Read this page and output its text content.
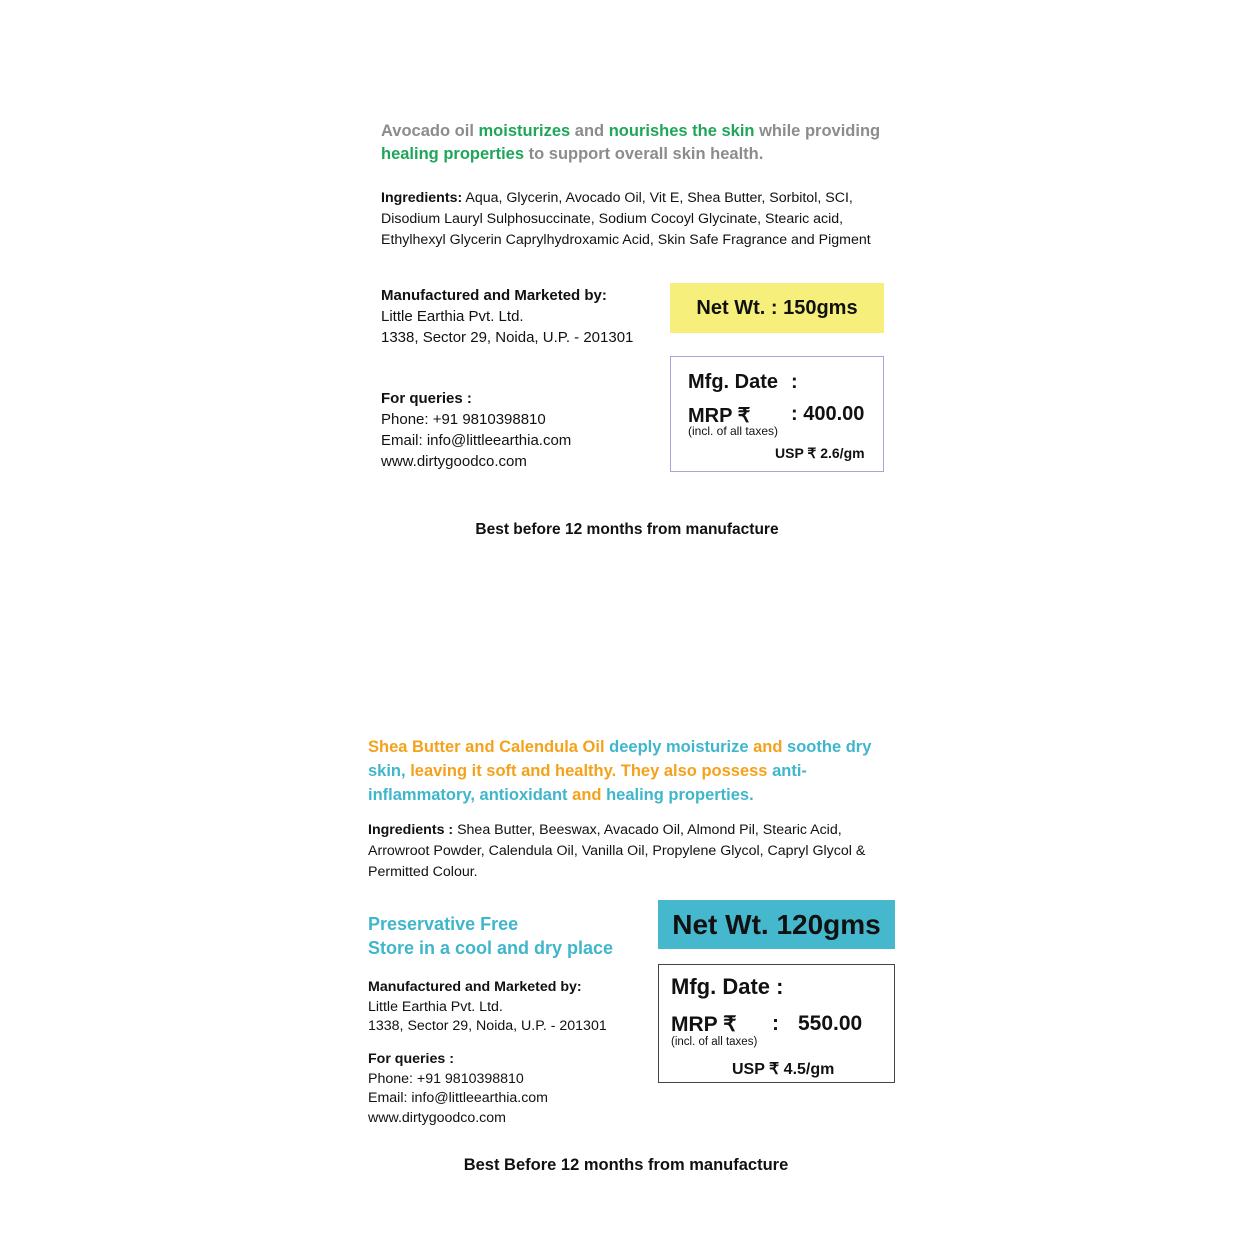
Avocado oil moisturizes and nourishes the skin while providing healing properties to support overall skin health.
Ingredients: Aqua, Glycerin, Avocado Oil, Vit E, Shea Butter, Sorbitol, SCI, Disodium Lauryl Sulphosuccinate, Sodium Cocoyl Glycinate, Stearic acid, Ethylhexyl Glycerin Caprylhydroxamic Acid, Skin Safe Fragrance and Pigment
Manufactured and Marketed by:
Little Earthia Pvt. Ltd.
1338, Sector 29, Noida, U.P. - 201301
For queries :
Phone: +91 9810398810
Email: info@littleearthia.com
www.dirtygoodco.com
Net Wt. : 150gms
Mfg. Date :
MRP ₹ : 400.00
(incl. of all taxes)
USP ₹ 2.6/gm
Best before 12 months from manufacture
Shea Butter and Calendula Oil deeply moisturize and soothe dry skin, leaving it soft and healthy. They also possess anti-inflammatory, antioxidant and healing properties.
Ingredients : Shea Butter, Beeswax, Avacado Oil, Almond Pil, Stearic Acid, Arrowroot Powder, Calendula Oil, Vanilla Oil, Propylene Glycol, Capryl Glycol & Permitted Colour.
Preservative Free
Store in a cool and dry place
Manufactured and Marketed by:
Little Earthia Pvt. Ltd.
1338, Sector 29, Noida, U.P. - 201301
For queries :
Phone: +91 9810398810
Email: info@littleearthia.com
www.dirtygoodco.com
Net Wt. 120gms
Mfg. Date :
MRP ₹ : 550.00
(incl. of all taxes)
USP ₹ 4.5/gm
Best Before 12 months from manufacture
